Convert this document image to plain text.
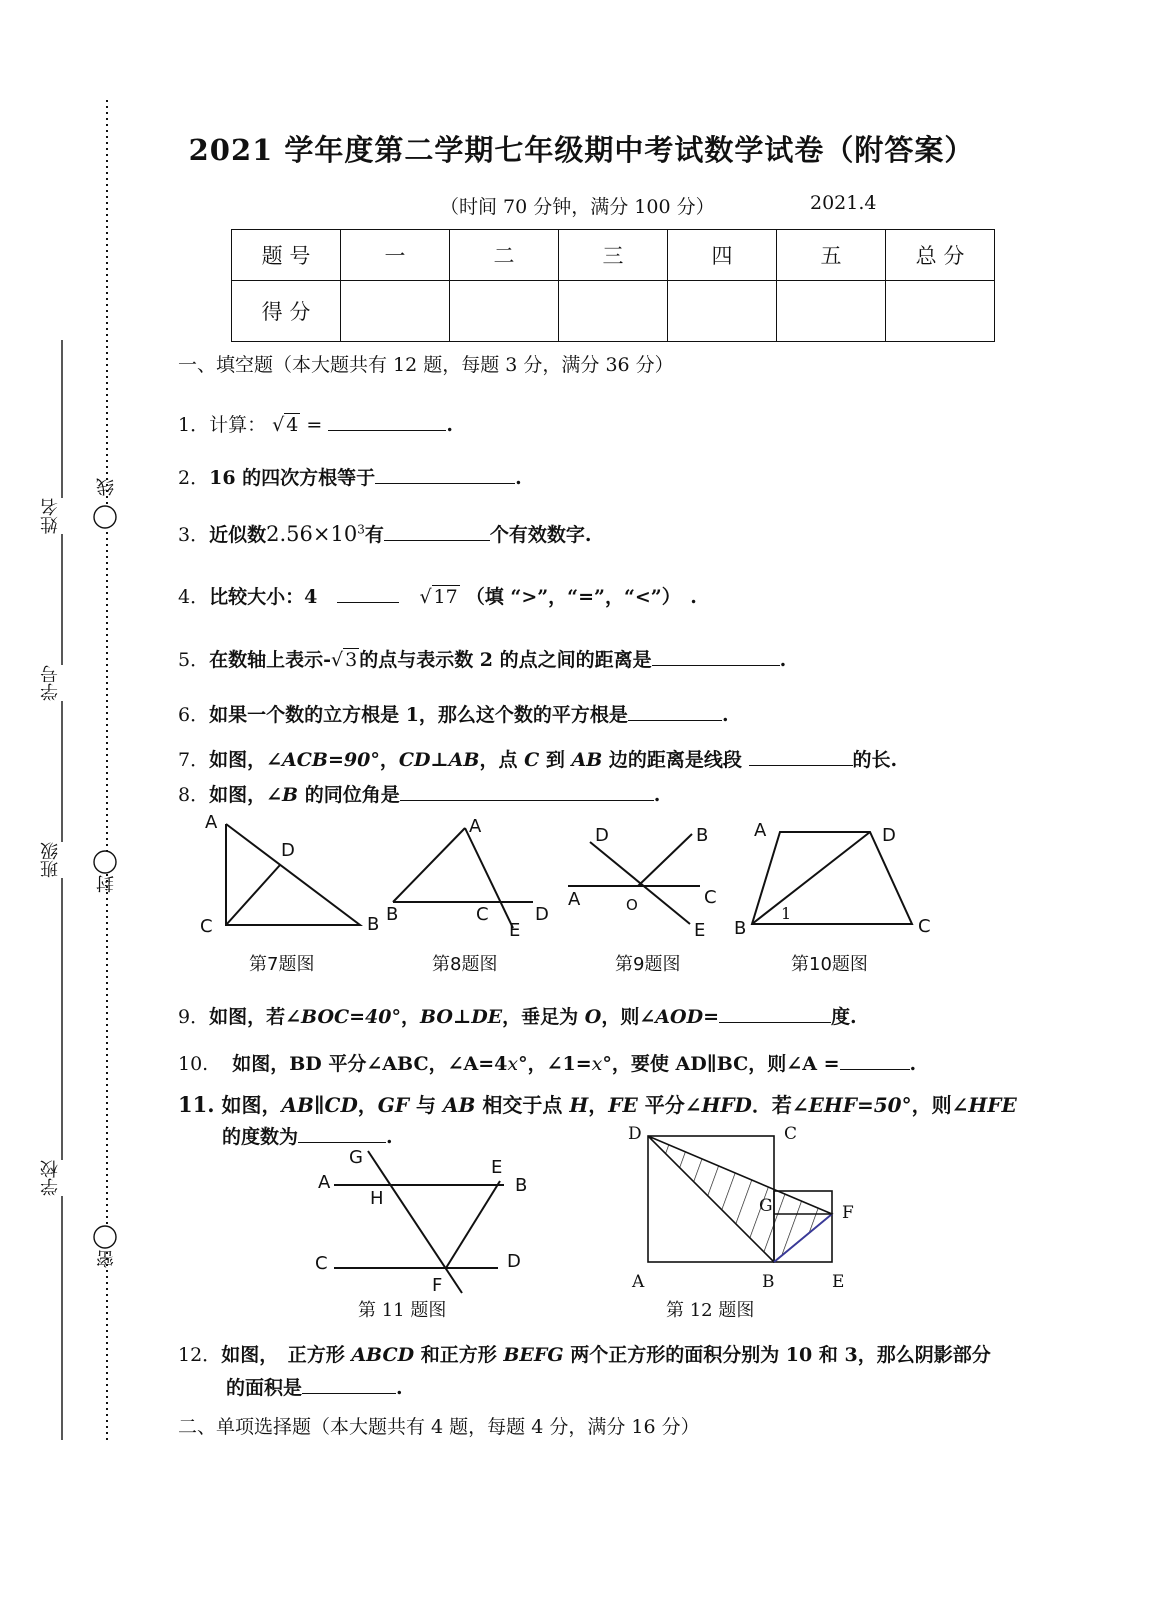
姓名
学号
班级
学校
线
封
密
2021 学年度第二学期七年级期中考试数学试卷（附答案）
（时间 70 分钟，满分 100 分）	2021.4
题 号	一	二	三	四	五	总 分
得 分						
一、填空题（本大题共有 12 题，每题 3 分，满分 36 分）
1．计算： √ 4 =	.
2．16 的四次方根等于	.
3．近似数$2.56\times 10^3$有	个有效数字.
4．比较大小：4	√ 17 （填 “>”，“=”，“<”）　.
5．在数轴上表示-√ 3 的点与表示数 2 的点之间的距离是	.
6．如果一个数的立方根是 1，那么这个数的平方根是	.
7．如图，∠ACB=90°，CD⊥AB，点 C 到 AB 边的距离是线段	的长.
8．如图，∠B 的同位角是	.
A
D
C	B
第7题图
A
B	C	D
E
第8题图
D	B
C
A	O
E
第9题图
A	D
B
1
C
第10题图
9．如图，若∠BOC=40°，BO⊥DE，垂足为 O，则∠AOD=	度.
10. 如图，BD 平分∠ABC，∠A=4x°，∠1=x°，要使 AD∥BC，则∠A =	.
11. 如图，AB∥CD，GF 与 AB 相交于点 H，FE 平分∠HFD．若∠EHF=50°，则∠HFE
的度数为	.
G	E
A	B
H
C	D
F
第 11 题图
D	C
G	F
A	B	E
第 12 题图
12．如图，　正方形 ABCD 和正方形 BEFG 两个正方形的面积分别为 10 和 3，那么阴影部分
的面积是	.
二、单项选择题（本大题共有 4 题，每题 4 分，满分 16 分）
